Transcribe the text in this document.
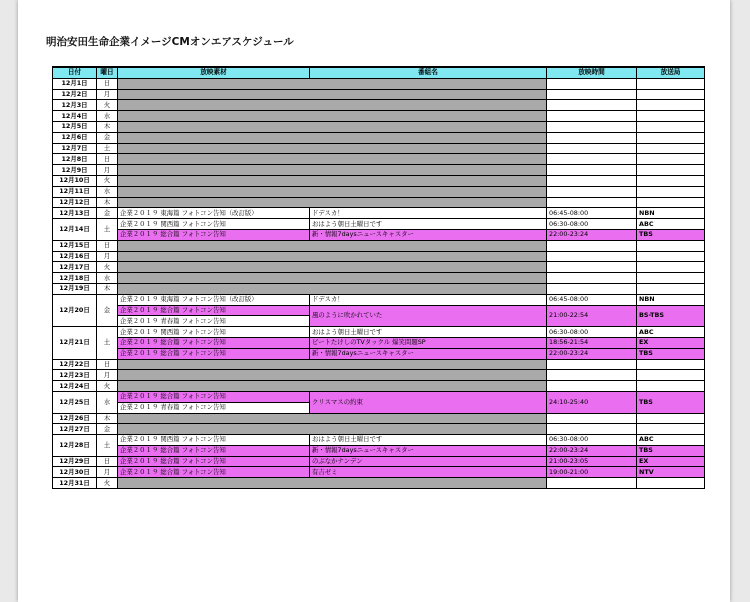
明治安田生命企業イメージCMオンエアスケジュール
日付	曜日	放映素材	番組名	放映時間	放送局
12月1日	日				
12月2日	月				
12月3日	火				
12月4日	水				
12月5日	木				
12月6日	金				
12月7日	土				
12月8日	日				
12月9日	月				
12月10日	火				
12月11日	水				
12月12日	木				
12月13日	金	企業２０１９ 東海篇 フォトコン告知（改訂版）	ドデスカ！	06:45-08:00	NBN
12月14日	土	企業２０１９ 関西篇 フォトコン告知	おはよう朝日土曜日です	06:30-08:00	ABC
		企業２０１９ 総合篇 フォトコン告知	新・情報7daysニュースキャスター	22:00-23:24	TBS
12月15日	日				
12月16日	月				
12月17日	火				
12月18日	水				
12月19日	木				
12月20日	金	企業２０１９ 東海篇 フォトコン告知（改訂版）	ドデスカ！	06:45-08:00	NBN
		企業２０１９ 総合篇 フォトコン告知	風のように吹かれていた	21:00-22:54	BS-TBS
		企業２０１９ 青春篇 フォトコン告知			
12月21日	土	企業２０１９ 関西篇 フォトコン告知	おはよう朝日土曜日です	06:30-08:00	ABC
		企業２０１９ 総合篇 フォトコン告知	ビートたけしのTVタックル 爆笑問題SP	18:56-21:54	EX
		企業２０１９ 総合篇 フォトコン告知	新・情報7daysニュースキャスター	22:00-23:24	TBS
12月22日	日				
12月23日	月				
12月24日	火				
12月25日	水	企業２０１９ 総合篇 フォトコン告知	クリスマスの約束	24:10-25:40	TBS
		企業２０１９ 青春篇 フォトコン告知			
12月26日	木				
12月27日	金				
12月28日	土	企業２０１９ 関西篇 フォトコン告知	おはよう朝日土曜日です	06:30-08:00	ABC
		企業２０１９ 総合篇 フォトコン告知	新・情報7daysニュースキャスター	22:00-23:24	TBS
12月29日	日	企業２０１９ 総合篇 フォトコン告知	のぶなかナンデン	21:00-23:05	EX
12月30日	月	企業２０１９ 総合篇 フォトコン告知	有吉ゼミ	19:00-21:00	NTV
12月31日	火				
